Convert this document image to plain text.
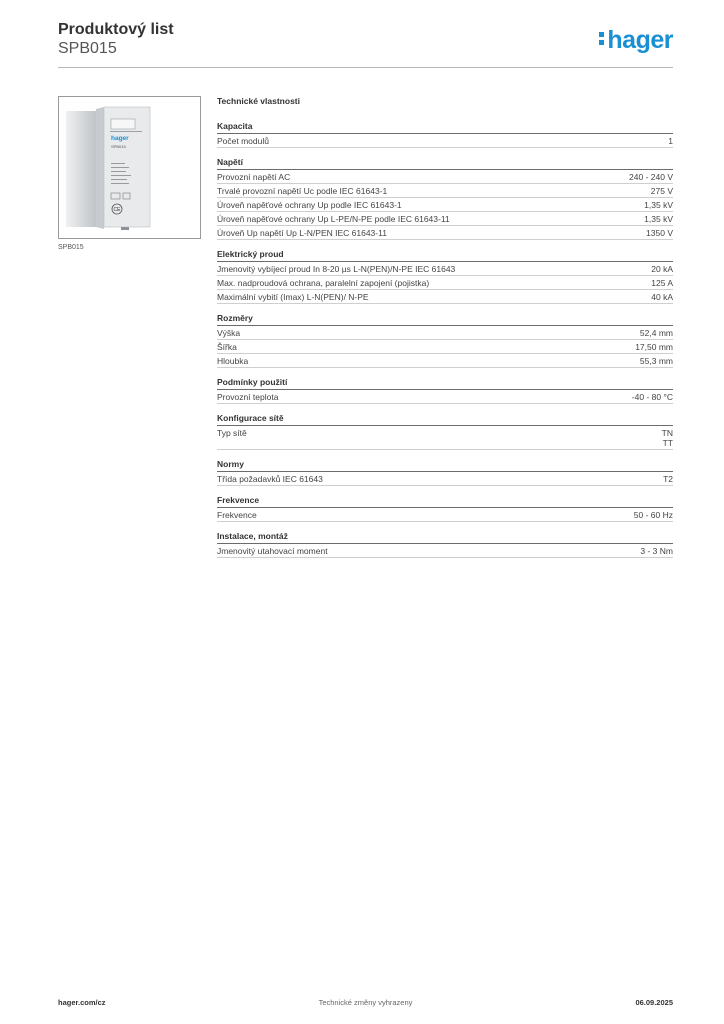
Produktový list
SPB015	hager
hager
SPB015
CE
SPB015
Technické vlastnosti
Kapacita
Počet modulů	1
Napětí
Provozní napětí AC	240 - 240 V
Trvalé provozní napětí Uc podle IEC 61643-1	275 V
Úroveň napěťové ochrany Up podle IEC 61643-1	1,35 kV
Úroveň napěťové ochrany Up L-PE/N-PE podle IEC 61643-11	1,35 kV
Úroveň Up napětí Up L-N/PEN IEC 61643-11	1350 V
Elektrický proud
Jmenovitý vybíjecí proud In 8-20 µs L-N(PEN)/N-PE IEC 61643	20 kA
Max. nadproudová ochrana, paralelní zapojení (pojistka)	125 A
Maximální vybití (Imax) L-N(PEN)/ N-PE	40 kA
Rozměry
Výška	52,4 mm
Šířka	17,50 mm
Hloubka	55,3 mm
Podmínky použití
Provozní teplota	-40 - 80 °C
Konfigurace sítě
Typ sítě	TN
TT
Normy
Třída požadavků IEC 61643	T2
Frekvence
Frekvence	50 - 60 Hz
Instalace, montáž
Jmenovitý utahovací moment	3 - 3 Nm
hager.com/cz	Technické změny vyhrazeny	06.09.2025
